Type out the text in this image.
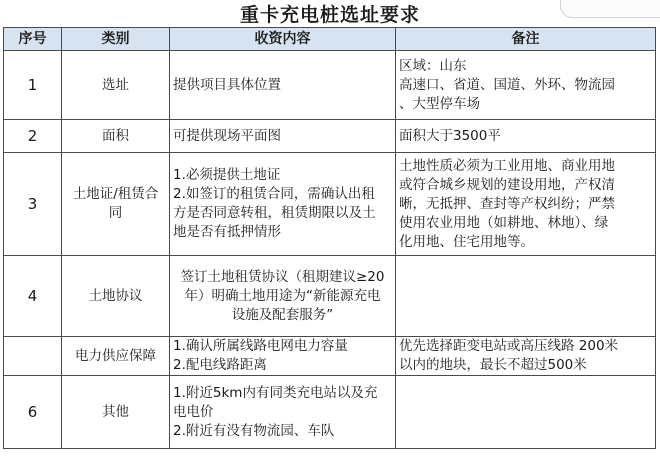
重卡充电桩选址要求
序号	类别	收资内容	备注
1	选址	提供项目具体位置	区域：山东
高速口、省道、国道、外环、物流园
、大型停车场

2	面积	可提供现场平面图	面积大于3500平

3	土地证/租赁合
同	1.必须提供土地证
2.如签订的租赁合同，需确认出租
方是否同意转租，租赁期限以及土
地是否有抵押情形	土地性质必须为工业用地、商业用地
或符合城乡规划的建设用地，产权清
晰，无抵押、查封等产权纠纷；严禁
使用农业用地（如耕地、林地）、绿
化用地、住宅用地等。

4	土地协议	签订土地租赁协议（租期建议≥20
年）明确土地用途为“新能源充电
设施及配套服务”	

	电力供应保障	1.确认所属线路电网电力容量
2.配电线路距离	优先选择距变电站或高压线路 200米
以内的地块，最长不超过500米

6	其他	1.附近5km内有同类充电站以及充
电电价
2.附近有没有物流园、车队	
